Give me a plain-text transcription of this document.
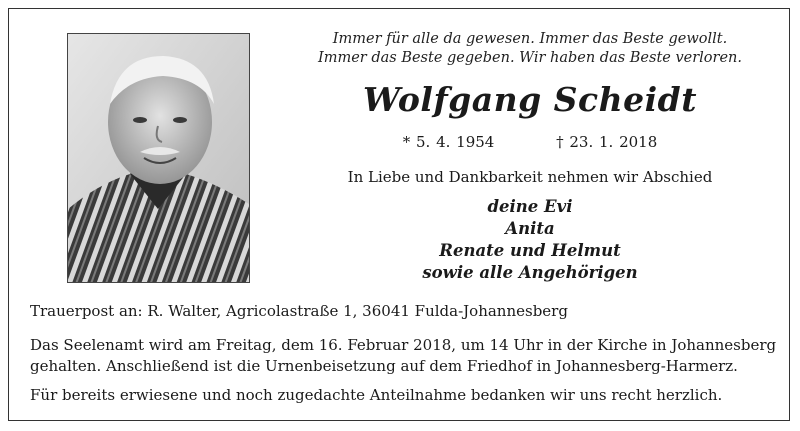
Immer für alle da gewesen. Immer das Beste gewollt.
Immer das Beste gegeben. Wir haben das Beste verloren.
Wolfgang Scheidt
* 5. 4. 1954	† 23. 1. 2018
In Liebe und Dankbarkeit nehmen wir Abschied
deine Evi
Anita
Renate und Helmut
sowie alle Angehörigen
Trauerpost an: R. Walter, Agricolastraße 1, 36041 Fulda-Johannesberg
Das Seelenamt wird am Freitag, dem 16. Februar 2018, um 14 Uhr in der Kirche in Johannesberg
gehalten. Anschließend ist die Urnenbeisetzung auf dem Friedhof in Johannesberg-Harmerz.
Für bereits erwiesene und noch zugedachte Anteilnahme bedanken wir uns recht herzlich.
